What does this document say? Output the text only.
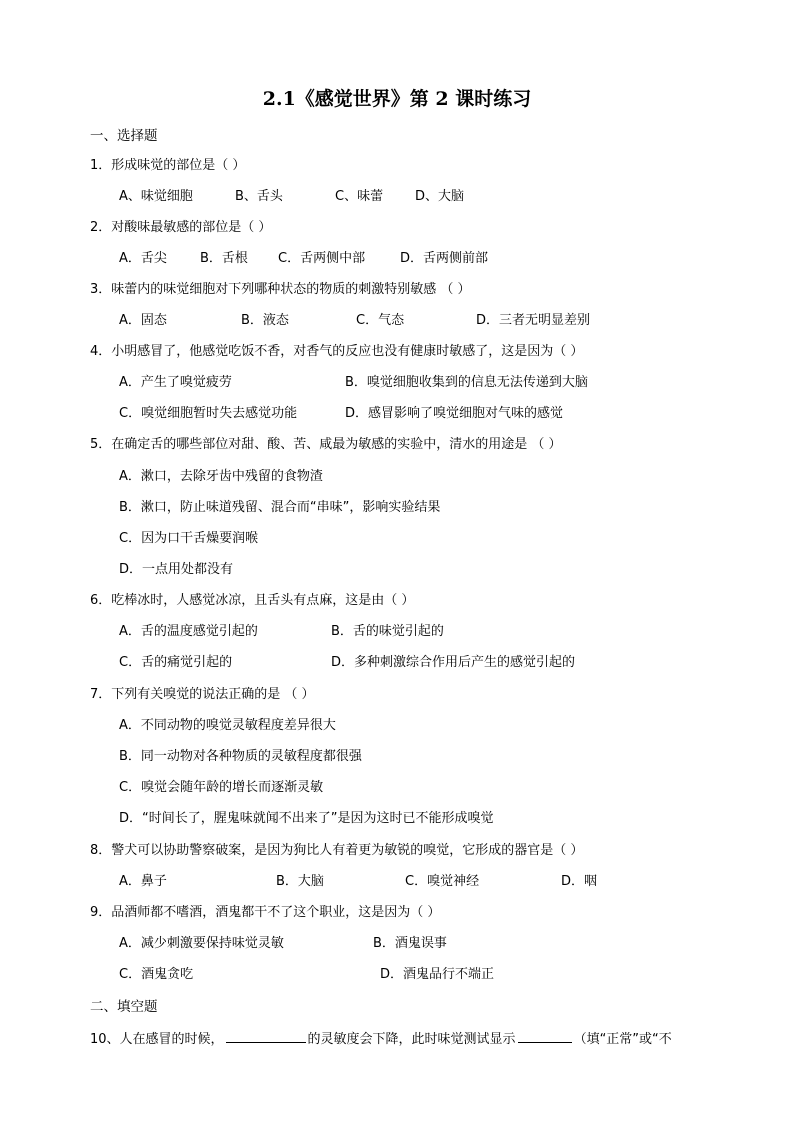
2.1《感觉世界》第 2 课时练习
一、选择题
1．形成味觉的部位是（ ）
A、味觉细胞	B、舌头	C、味蕾 D、大脑
2．对酸味最敏感的部位是（ ）
A．舌尖	B．舌根 C．舌两侧中部	D．舌两侧前部
3．味蕾内的味觉细胞对下列哪种状态的物质的刺激特别敏感 （ ）
A．固态	B．液态	C．气态	D．三者无明显差别
4．小明感冒了，他感觉吃饭不香，对香气的反应也没有健康时敏感了，这是因为（ ）
A．产生了嗅觉疲劳	B．嗅觉细胞收集到的信息无法传递到大脑
C．嗅觉细胞暂时失去感觉功能	D．感冒影响了嗅觉细胞对气味的感觉
5．在确定舌的哪些部位对甜、酸、苦、咸最为敏感的实验中，清水的用途是 （ ）
A．漱口，去除牙齿中残留的食物渣
B．漱口，防止味道残留、混合而“串味”，影响实验结果
C．因为口干舌燥要润喉
D．一点用处都没有
6．吃棒冰时，人感觉冰凉，且舌头有点麻，这是由（ ）
A．舌的温度感觉引起的	B．舌的味觉引起的
C．舌的痛觉引起的	D．多种刺激综合作用后产生的感觉引起的
7．下列有关嗅觉的说法正确的是 （ ）
A．不同动物的嗅觉灵敏程度差异很大
B．同一动物对各种物质的灵敏程度都很强
C．嗅觉会随年龄的增长而逐渐灵敏
D．“时间长了，腥鬼味就闻不出来了”是因为这时已不能形成嗅觉
8．警犬可以协助警察破案，是因为狗比人有着更为敏锐的嗅觉，它形成的器官是（ ）
A．鼻子	B．大脑	C．嗅觉神经	D．咽
9．品酒师都不嗜酒，酒鬼都干不了这个职业，这是因为（ ）
A．减少刺激要保持味觉灵敏	B．酒鬼误事
C．酒鬼贪吃	D．酒鬼品行不端正
二、填空题
10、人在感冒的时候，	的灵敏度会下降，此时味觉测试显示	（填“正常”或“不
